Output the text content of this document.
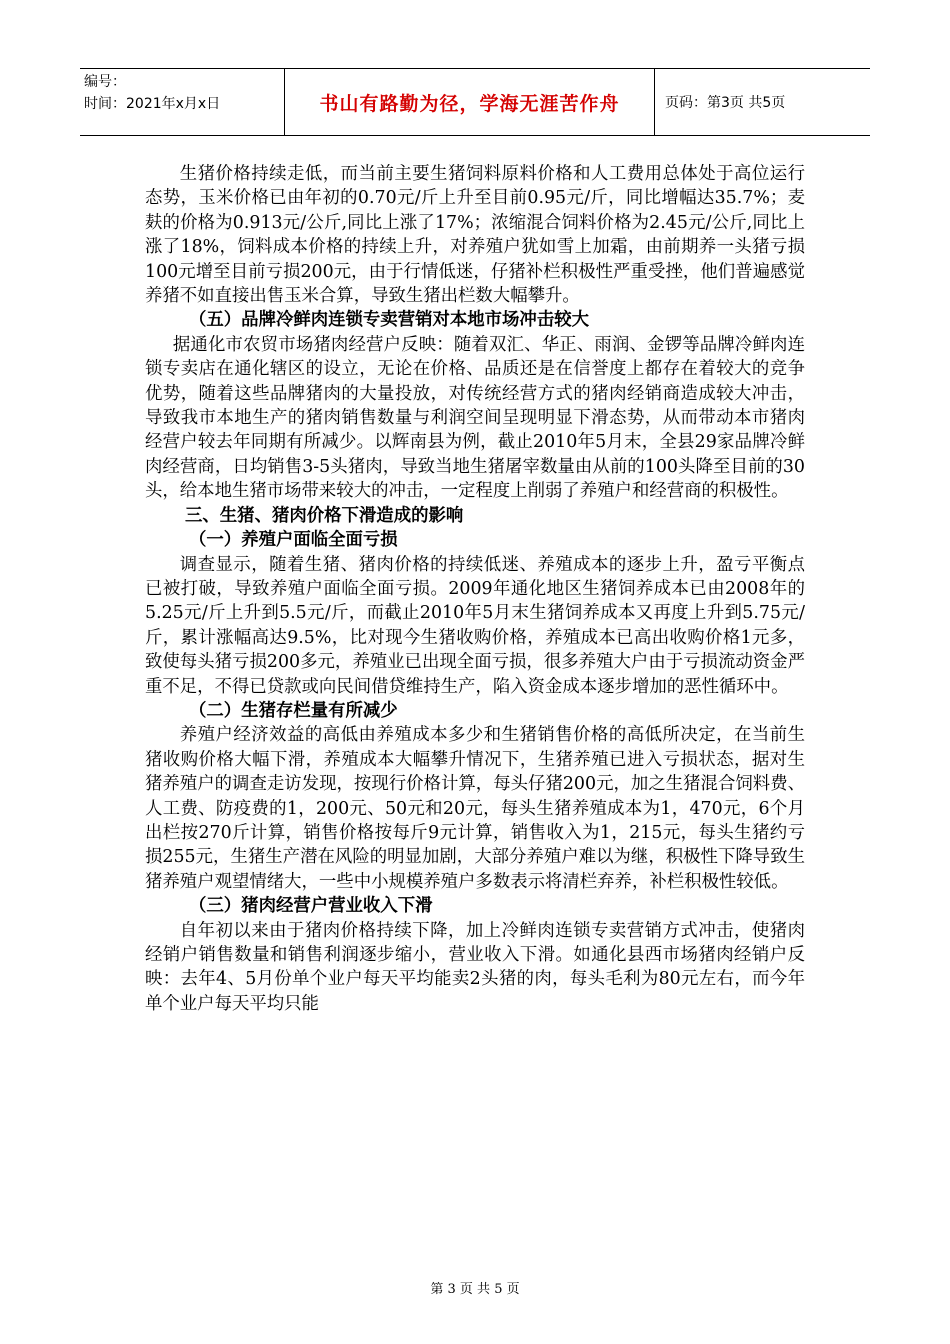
编号：
时间：2021年x月x日	书山有路勤为径，学海无涯苦作舟	页码：第3页 共5页

生猪价格持续走低，而当前主要生猪饲料原料价格和人工费用总体处于高位运行态势，玉米价格已由年初的0.70元/斤上升至目前0.95元/斤，同比增幅达35.7%；麦麸的价格为0.913元/公斤,同比上涨了17%；浓缩混合饲料价格为2.45元/公斤,同比上涨了18%，饲料成本价格的持续上升，对养殖户犹如雪上加霜，由前期养一头猪亏损100元增至目前亏损200元，由于行情低迷，仔猪补栏积极性严重受挫，他们普遍感觉养猪不如直接出售玉米合算，导致生猪出栏数大幅攀升。

（五）品牌冷鲜肉连锁专卖营销对本地市场冲击较大

据通化市农贸市场猪肉经营户反映：随着双汇、华正、雨润、金锣等品牌冷鲜肉连锁专卖店在通化辖区的设立，无论在价格、品质还是在信誉度上都存在着较大的竞争优势，随着这些品牌猪肉的大量投放，对传统经营方式的猪肉经销商造成较大冲击，导致我市本地生产的猪肉销售数量与利润空间呈现明显下滑态势，从而带动本市猪肉经营户较去年同期有所减少。以辉南县为例，截止2010年5月末，全县29家品牌冷鲜肉经营商，日均销售3-5头猪肉，导致当地生猪屠宰数量由从前的100头降至目前的30头，给本地生猪市场带来较大的冲击，一定程度上削弱了养殖户和经营商的积极性。

三、生猪、猪肉价格下滑造成的影响

（一）养殖户面临全面亏损

调查显示，随着生猪、猪肉价格的持续低迷、养殖成本的逐步上升，盈亏平衡点已被打破，导致养殖户面临全面亏损。2009年通化地区生猪饲养成本已由2008年的5.25元/斤上升到5.5元/斤，而截止2010年5月末生猪饲养成本又再度上升到5.75元/斤，累计涨幅高达9.5%，比对现今生猪收购价格，养殖成本已高出收购价格1元多，致使每头猪亏损200多元，养殖业已出现全面亏损，很多养殖大户由于亏损流动资金严重不足，不得已贷款或向民间借贷维持生产，陷入资金成本逐步增加的恶性循环中。

（二）生猪存栏量有所减少

养殖户经济效益的高低由养殖成本多少和生猪销售价格的高低所决定，在当前生猪收购价格大幅下滑，养殖成本大幅攀升情况下，生猪养殖已进入亏损状态，据对生猪养殖户的调查走访发现，按现行价格计算，每头仔猪200元，加之生猪混合饲料费、人工费、防疫费的1，200元、50元和20元，每头生猪养殖成本为1，470元，6个月出栏按270斤计算，销售价格按每斤9元计算，销售收入为1，215元，每头生猪约亏损255元，生猪生产潜在风险的明显加剧，大部分养殖户难以为继，积极性下降导致生猪养殖户观望情绪大，一些中小规模养殖户多数表示将清栏弃养，补栏积极性较低。

（三）猪肉经营户营业收入下滑

自年初以来由于猪肉价格持续下降，加上冷鲜肉连锁专卖营销方式冲击，使猪肉经销户销售数量和销售利润逐步缩小，营业收入下滑。如通化县西市场猪肉经销户反映：去年4、5月份单个业户每天平均能卖2头猪的肉，每头毛利为80元左右，而今年单个业户每天平均只能

第 3 页 共 5 页
